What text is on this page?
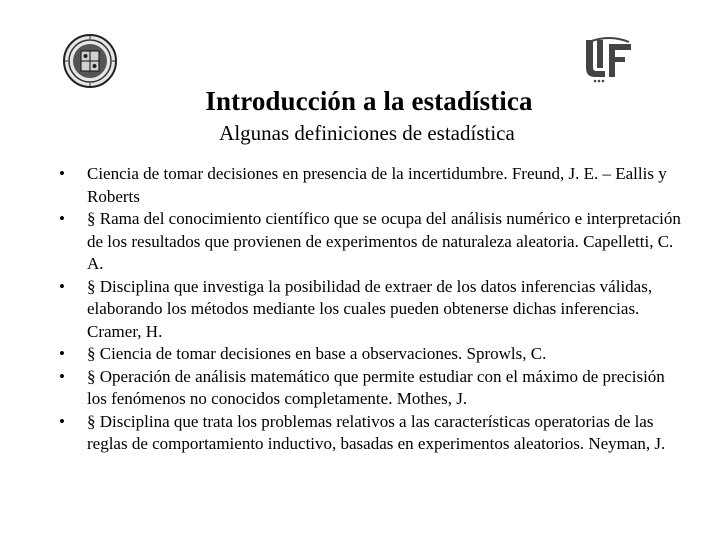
Introducción a la estadística
Algunas definiciones de estadística
•	Ciencia de tomar decisiones en presencia de la incertidumbre. Freund, J. E. – Eallis y Roberts
•	§ Rama del conocimiento científico que se ocupa del análisis numérico e interpretación de los resultados que provienen de experimentos de naturaleza aleatoria. Capelletti, C. A.
•	§ Disciplina que investiga la posibilidad de extraer de los datos inferencias válidas, elaborando los métodos mediante los cuales pueden obtenerse dichas inferencias. Cramer, H.
•	§ Ciencia de tomar decisiones en base a observaciones. Sprowls, C.
•	§ Operación de análisis matemático que permite estudiar con el máximo de precisión los fenómenos no conocidos completamente. Mothes, J.
•	§ Disciplina que trata los problemas relativos a las características operatorias de las reglas de comportamiento inductivo, basadas en experimentos aleatorios. Neyman, J.
